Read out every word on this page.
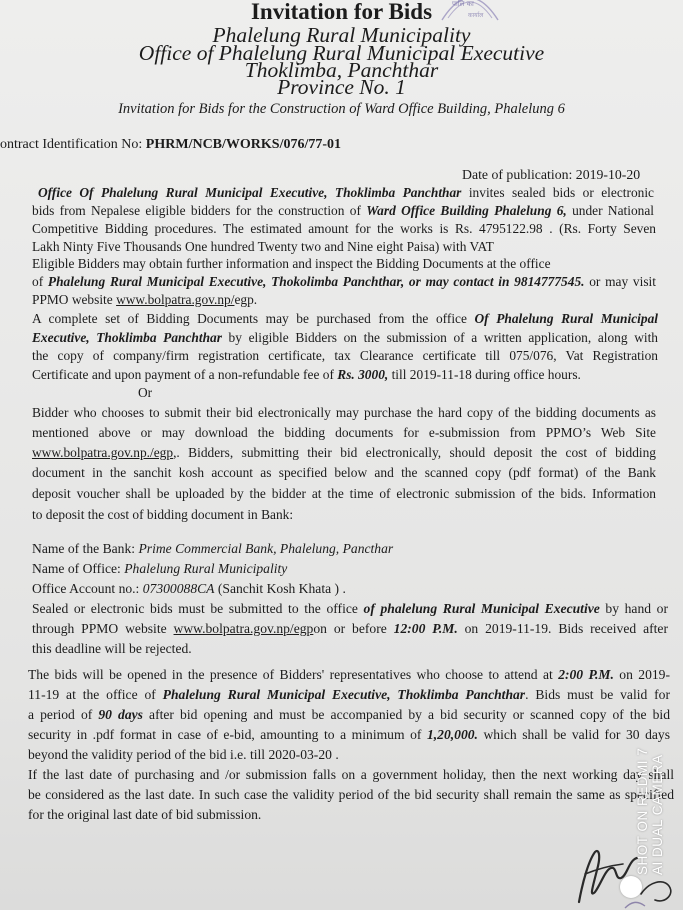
पालि का
कार्याल
Invitation for Bids
Phalelung Rural Municipality
Office of Phalelung Rural Municipal Executive
Thoklimba, Panchthar
Province No. 1
Invitation for Bids for the Construction of Ward Office Building, Phalelung 6
ontract Identification No: PHRM/NCB/WORKS/076/77-01
Date of publication: 2019-10-20
Office Of Phalelung Rural Municipal Executive, Thoklimba Panchthar invites sealed bids or electronic
bids from Nepalese eligible bidders for the construction of Ward Office Building Phalelung 6, under National
Competitive Bidding procedures. The estimated amount for the works is Rs. 4795122.98 . (Rs. Forty Seven
Lakh Ninty Five Thousands One hundred Twenty two and Nine eight Paisa) with VAT
Eligible Bidders may obtain further information and inspect the Bidding Documents at the office
of Phalelung Rural Municipal Executive, Thokolimba Panchthar, or may contact in 9814777545. or may visit
PPMO website www.bolpatra.gov.np/egp.
A complete set of Bidding Documents may be purchased from the office Of Phalelung Rural Municipal
Executive, Thoklimba Panchthar by eligible Bidders on the submission of a written application, along with
the copy of company/firm registration certificate, tax Clearance certificate till 075/076, Vat Registration
Certificate and upon payment of a non-refundable fee of Rs. 3000, till 2019-11-18 during office hours.
Or
Bidder who chooses to submit their bid electronically may purchase the hard copy of the bidding documents as
mentioned above or may download the bidding documents for e-submission from PPMO’s Web Site
www.bolpatra.gov.np./egp,. Bidders, submitting their bid electronically, should deposit the cost of bidding
document in the sanchit kosh account as specified below and the scanned copy (pdf format) of the Bank
deposit voucher shall be uploaded by the bidder at the time of electronic submission of the bids. Information
to deposit the cost of bidding document in Bank:
Name of the Bank: Prime Commercial Bank, Phalelung, Pancthar
Name of Office: Phalelung Rural Municipality
Office Account no.: 07300088CA (Sanchit Kosh Khata ) .
Sealed or electronic bids must be submitted to the office of phalelung Rural Municipal Executive by hand or
through PPMO website www.bolpatra.gov.np/egpon or before 12:00 P.M. on 2019-11-19. Bids received after
this deadline will be rejected.
The bids will be opened in the presence of Bidders' representatives who choose to attend at 2:00 P.M. on 2019-
11-19 at the office of Phalelung Rural Municipal Executive, Thoklimba Panchthar. Bids must be valid for
a period of 90 days after bid opening and must be accompanied by a bid security or scanned copy of the bid
security in .pdf format in case of e-bid, amounting to a minimum of 1,20,000. which shall be valid for 30 days
beyond the validity period of the bid i.e. till 2020-03-20 .
If the last date of purchasing and /or submission falls on a government holiday, then the next working day shall
be considered as the last date. In such case the validity period of the bid security shall remain the same as specified
for the original last date of bid submission.	SHOT ON REDMI 7 AI DUAL CAMERA
